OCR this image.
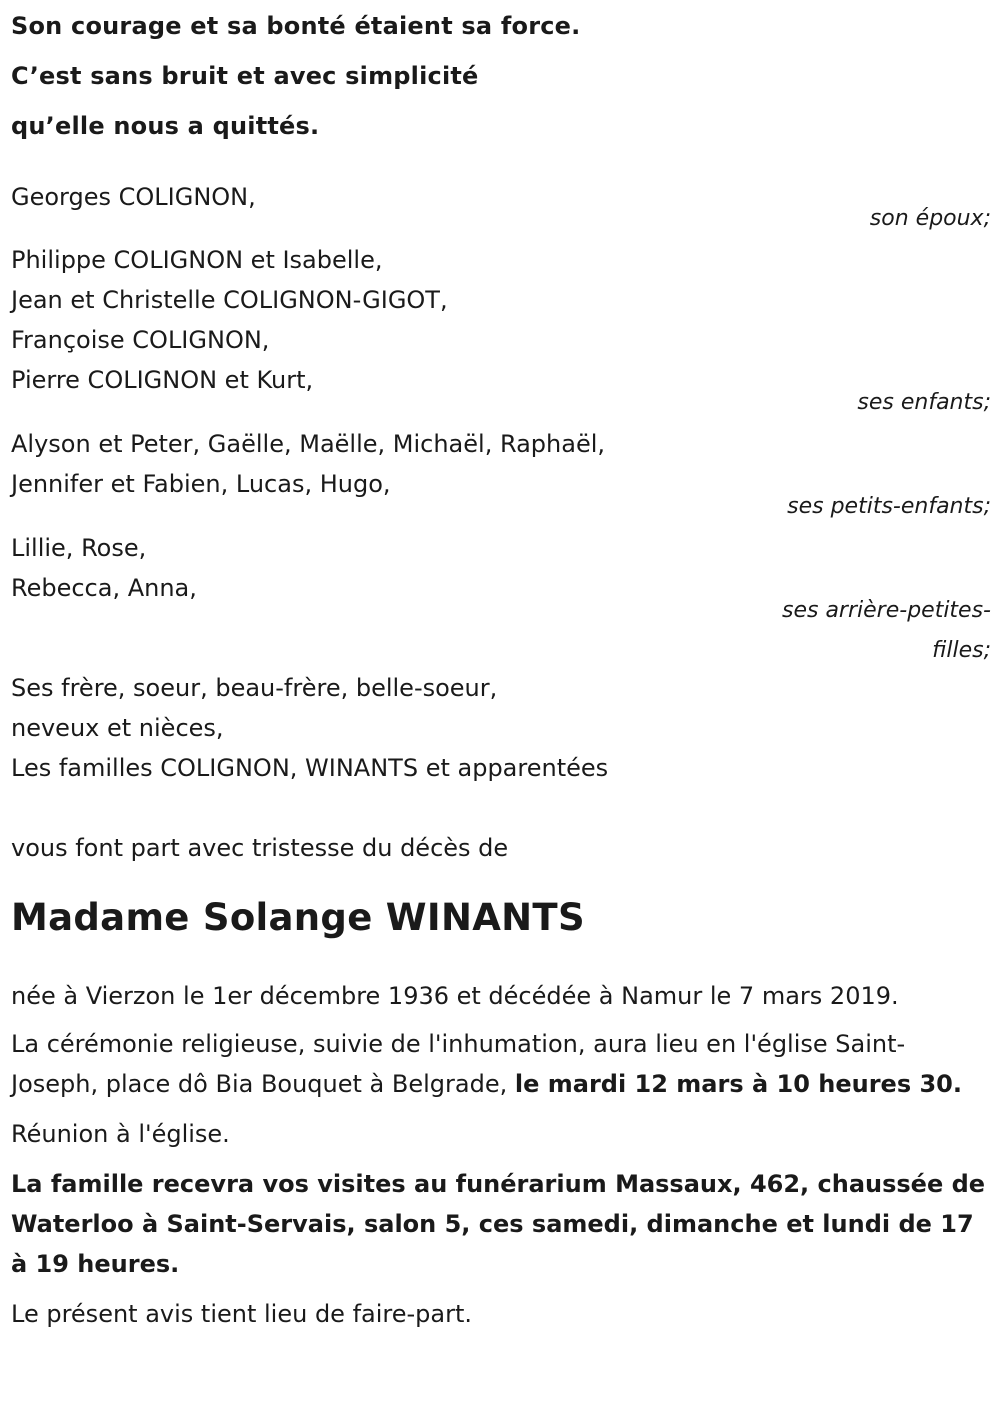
Son courage et sa bonté étaient sa force.
C’est sans bruit et avec simplicité
qu’elle nous a quittés.
Georges COLIGNON,
son époux;
Philippe COLIGNON et Isabelle,
Jean et Christelle COLIGNON-GIGOT,
Françoise COLIGNON,
Pierre COLIGNON et Kurt,
ses enfants;
Alyson et Peter, Gaëlle, Maëlle, Michaël, Raphaël,
Jennifer et Fabien, Lucas, Hugo,
ses petits-enfants;
Lillie, Rose,
Rebecca, Anna,
ses arrière-petites-
filles;
Ses frère, soeur, beau-frère, belle-soeur,
neveux et nièces,
Les familles COLIGNON, WINANTS et apparentées
vous font part avec tristesse du décès de
Madame Solange WINANTS
née à Vierzon le 1er décembre 1936 et décédée à Namur le 7 mars 2019.
La cérémonie religieuse, suivie de l'inhumation, aura lieu en l'église Saint-Joseph, place dô Bia Bouquet à Belgrade, le mardi 12 mars à 10 heures 30.
Réunion à l'église.
La famille recevra vos visites au funérarium Massaux, 462, chaussée de Waterloo à Saint-Servais, salon 5, ces samedi, dimanche et lundi de 17 à 19 heures.
Le présent avis tient lieu de faire-part.
